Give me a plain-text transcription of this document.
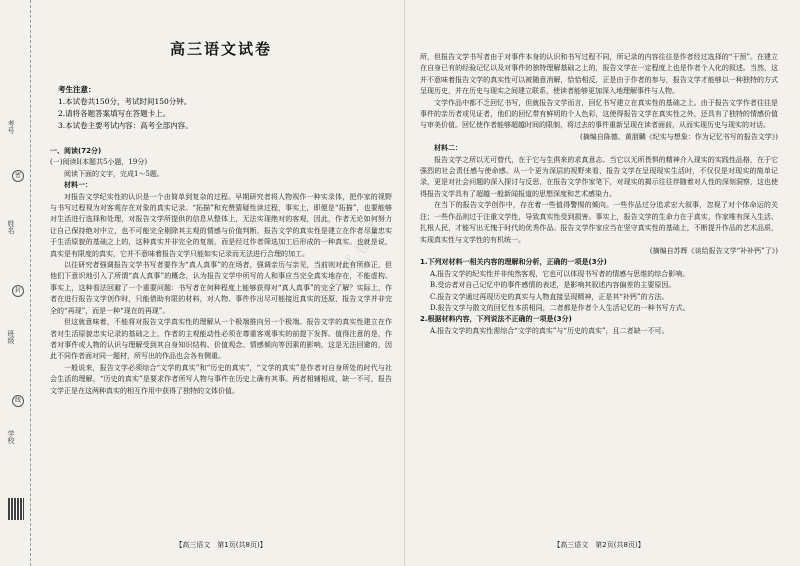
考号
密
姓名
封
班级
线
学校
高三语文试卷
考生注意：
1.本试卷共150分，考试时间150分钟。
2.请将各题答案填写在答题卡上。
3.本试卷主要考试内容：高考全部内容。
一、阅读(72分)
(一)阅读Ⅰ(本题共5小题，19分)
阅读下面的文字，完成1～5题。
材料一：

对报告文学纪实性的认识是一个由简单到复杂的过程。早期研究者将人物视作一种实录体，把作家的视野与书写过程视为对客观存在对象的真实记录。“拓描”和充赞猜疑性读过程，事实上，即便是“拓描”，也要能够对生活进行选择和处理，对报告文学所提供的信息从整体上，无法实现绝对的客观，因此，作者无论如何努力让自己保持绝对中立，也不可能完全剔除其主观的情感与价值判断，报告文学的真实性是建立在作者尽量忠实于生活原貌的基础之上的，这种真实并非完全的复制，而是经过作者筛选加工后形成的一种真实。也就是说，真实是有限度的真实，它并不意味着报告文学只能如实记录而无法进行合理的加工。

以往研究者强调报告文学书写者要作为“真人真事”的在场者，强调亲历与亲见，当前则对此有所修正，但他们下意识地引入了所谓“真人真事”的概念，认为报告文学中所写的人和事应当完全真实地存在，不能虚构。事实上，这种看法回避了一个重要问题：书写者在何种程度上能够获得对“真人真事”的完全了解？实际上，作者在进行报告文学创作时，只能借助有限的材料，对人物、事件作出尽可能接近真实的还原，报告文学并非完全的“再现”，而是一种“现在的再现”。

但这就意味着，不能将对报告文学真实性的理解从一个极端推向另一个极端。报告文学的真实性建立在作者对生活原貌忠实记录的基础之上，作者的主观能动性必须在尊重客观事实的前提下发挥。值得注意的是，作者对事件或人物的认识与理解受到其自身知识结构、价值观念、情感倾向等因素的影响，这是无法回避的，因此不同作者面对同一题材，所写出的作品也会各有侧重。

一般说来，报告文学必须综合“文学的真实”和“历史的真实”，“文学的真实”是作者对自身所处的时代与社会生活的理解，“历史的真实”是要求作者所写人物与事件在历史上确有其事。两者相辅相成，缺一不可，报告文学正是在这两种真实的相互作用中获得了独特的文体价值。

【高三语文　第1页(共8页)】

所，但报告文学书写者由于对事件本身的认识和书写过程不同，所记录的内容往往是作者经过选择的“干预”。在建立在自身已有的经验记忆以及对事件的独特理解基础之上的，报告文学在一定程度上也是作者个人化的叙述。当然，这并不意味着报告文学的真实性可以被随意消解，恰恰相反，正是由于作者的参与，报告文学才能够以一种独特的方式呈现历史，并在历史与现实之间建立联系，使读者能够更加深入地理解事件与人物。

文学作品中都不乏回忆书写，但就报告文学而言，回忆书写建立在真实性的基础之上。由于报告文学作者往往是事件的亲历者或见证者，他们的回忆带有鲜明的个人色彩，这使得报告文学在真实性之外，还具有了独特的情感价值与审美价值。回忆使作者能够超越时间的限制，将过去的事件重新呈现在读者面前，从而实现历史与现实的对话。

(摘编自陈德、黄朋麟《纪实与想象：作为记忆书写的报告文学》)
材料二：

报告文学之所以无可替代，在于它与生俱来的求真意志。当它以无所畏惧的精神介入现实的实践性品格，在于它强烈的社会责任感与使命感。从一个更为深层的视野来看，报告文学在呈现现实生活时，不仅仅是对现实的简单记录，更是对社会问题的深入探讨与反思，在报告文学作家笔下，对现实的揭示往往伴随着对人性的深刻洞察，这也使得报告文学具有了超越一般新闻报道的思想深度和艺术感染力。

在当下的报告文学创作中，存在着一些值得警惕的倾向。一些作品过分追求宏大叙事，忽视了对个体命运的关注；一些作品则过于注重文学性，导致真实性受到损害。事实上，报告文学的生命力在于真实，作家唯有深入生活、扎根人民，才能写出无愧于时代的优秀作品。报告文学作家应当在坚守真实性的基础上，不断提升作品的艺术品质，实现真实性与文学性的有机统一。

(摘编自苏辉《谈给报告文学“补补钙”了》)
1.下列对材料一相关内容的理解和分析，正确的一项是(3分)
A.报告文学的纪实性并非纯然客观，它也可以体现书写者的情感与思维的综合影响。
B.受访者对自己记忆中的事件感情的表述，是影响其叙述内容偏差的主要原因。
C.报告文学通过再现历史的真实与人物直接呈现精神，正是其“补钙”的方法。
D.报告文学与散文的回忆性本质相同，二者都是作者个人生活记忆的一种书写方式。
2.根据材料内容，下列说法不正确的一项是(3分)
A.报告文学的真实性需综合“文学的真实”与“历史的真实”，且二者缺一不可。
【高三语文　第2页(共8页)】
高中试卷君
